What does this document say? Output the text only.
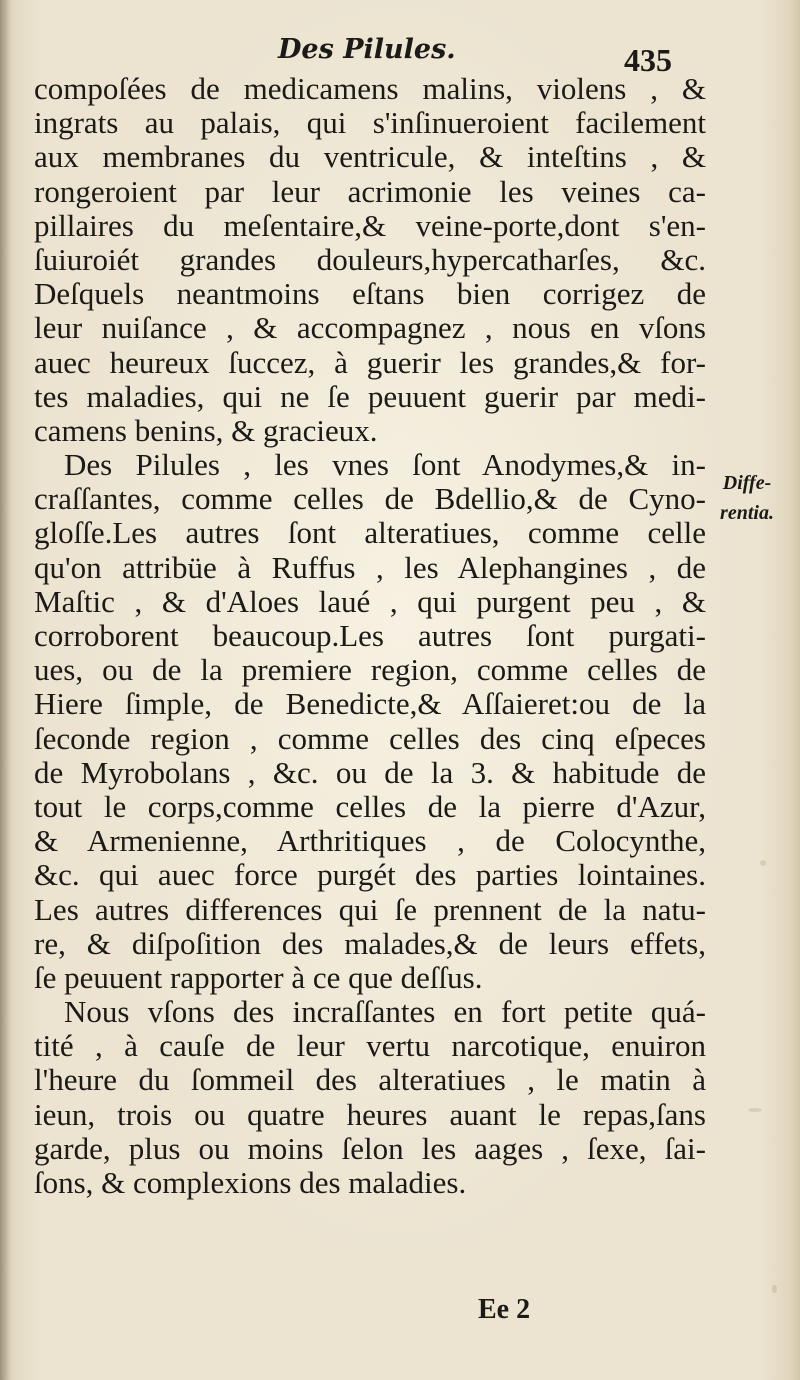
Des Pilules.	435
compoſées de medicamens malins, violens , &
ingrats au palais, qui s'inſinueroient facilement
aux membranes du ventricule, & inteſtins , &
rongeroient par leur acrimonie les veines ca-
pillaires du meſentaire,& veine-porte,dont s'en-
ſuiuroiét grandes douleurs,hypercatharſes, &c.
Deſquels neantmoins eſtans bien corrigez de
leur nuiſance , & accompagnez , nous en vſons
auec heureux ſuccez, à guerir les grandes,& for-
tes maladies, qui ne ſe peuuent guerir par medi-
camens benins, & gracieux.
Des Pilules , les vnes ſont Anodymes,& in-
craſſantes, comme celles de Bdellio,& de Cyno-
gloſſe.Les autres ſont alteratiues, comme celle
qu'on attribüe à Ruffus , les Alephangines , de
Maſtic , & d'Aloes laué , qui purgent peu , &
corroborent beaucoup.Les autres ſont purgati-
ues, ou de la premiere region, comme celles de
Hiere ſimple, de Benedicte,& Aſſaieret:ou de la
ſeconde region , comme celles des cinq eſpeces
de Myrobolans , &c. ou de la 3. & habitude de
tout le corps,comme celles de la pierre d'Azur,
& Armenienne, Arthritiques , de Colocynthe,
&c. qui auec force purgét des parties lointaines.
Les autres differences qui ſe prennent de la natu-
re, & diſpoſition des malades,& de leurs effets,
ſe peuuent rapporter à ce que deſſus.
Nous vſons des incraſſantes en fort petite quá-
tité , à cauſe de leur vertu narcotique, enuiron
l'heure du ſommeil des alteratiues , le matin à
ieun, trois ou quatre heures auant le repas,ſans
garde, plus ou moins ſelon les aages , ſexe, ſai-
ſons, & complexions des maladies.
Diffe-
rentia.
Ee 2
